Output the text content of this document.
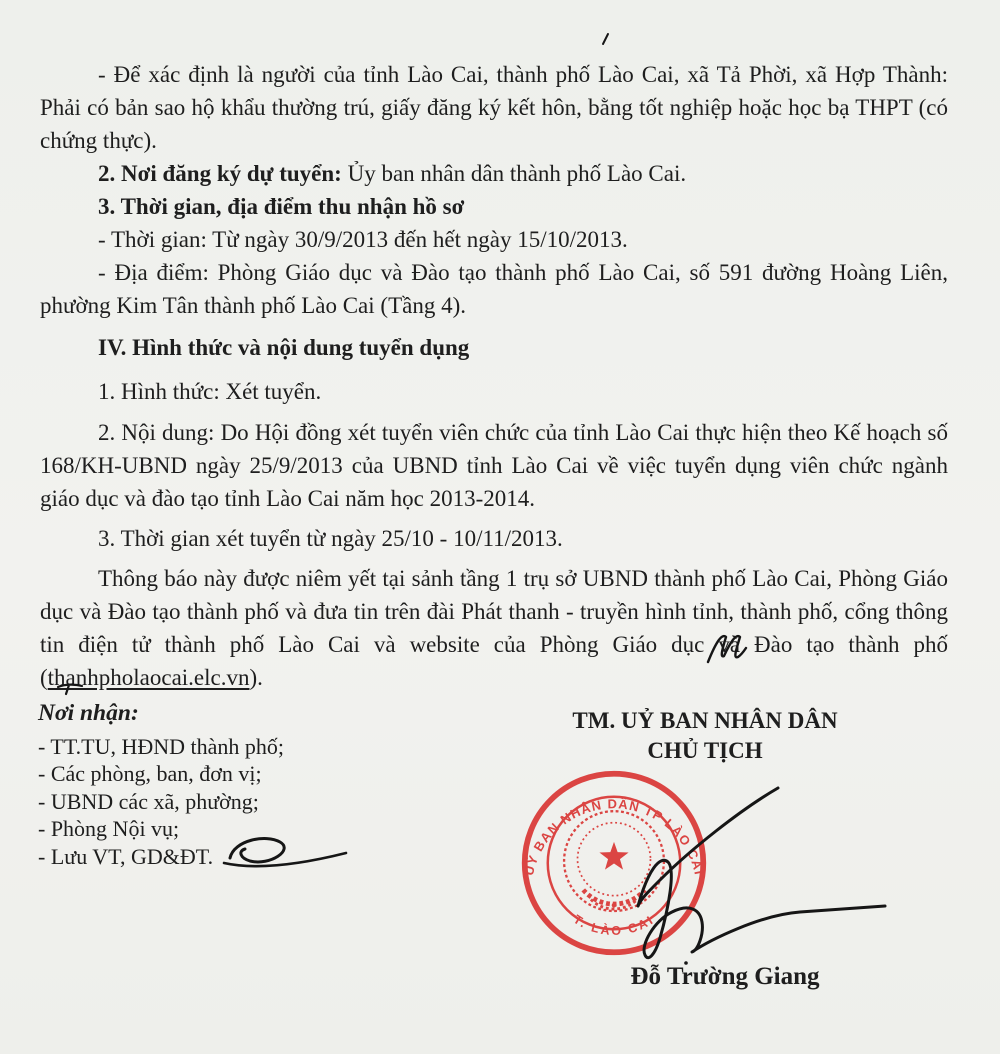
- Để xác định là người của tỉnh Lào Cai, thành phố Lào Cai, xã Tả Phời, xã Hợp Thành: Phải có bản sao hộ khẩu thường trú, giấy đăng ký kết hôn, bằng tốt nghiệp hoặc học bạ THPT (có chứng thực).

2. Nơi đăng ký dự tuyển: Ủy ban nhân dân thành phố Lào Cai.

3. Thời gian, địa điểm thu nhận hồ sơ

- Thời gian: Từ ngày 30/9/2013 đến hết ngày 15/10/2013.

- Địa điểm: Phòng Giáo dục và Đào tạo thành phố Lào Cai, số 591 đường Hoàng Liên, phường Kim Tân thành phố Lào Cai (Tầng 4).

IV. Hình thức và nội dung tuyển dụng

1. Hình thức: Xét tuyển.

2. Nội dung: Do Hội đồng xét tuyển viên chức của tỉnh Lào Cai thực hiện theo Kế hoạch số 168/KH-UBND ngày 25/9/2013 của UBND tỉnh Lào Cai về việc tuyển dụng viên chức ngành giáo dục và đào tạo tỉnh Lào Cai năm học 2013-2014.

3. Thời gian xét tuyển từ ngày 25/10 - 10/11/2013.

Thông báo này được niêm yết tại sảnh tầng 1 trụ sở UBND thành phố Lào Cai, Phòng Giáo dục và Đào tạo thành phố và đưa tin trên đài Phát thanh - truyền hình tỉnh, thành phố, cổng thông tin điện tử thành phố Lào Cai và website của Phòng Giáo dục và Đào tạo thành phố (thanhpholaocai.elc.vn).

Nơi nhận:
- TT.TU, HĐND thành phố;
- Các phòng, ban, đơn vị;
- UBND các xã, phường;
- Phòng Nội vụ;
- Lưu VT, GD&ĐT.
TM. UỶ BAN NHÂN DÂN
CHỦ TỊCH
UỶ BAN NHÂN DÂN TP LÀO CAI
T. LÀO CAI
Đỗ Trường Giang
